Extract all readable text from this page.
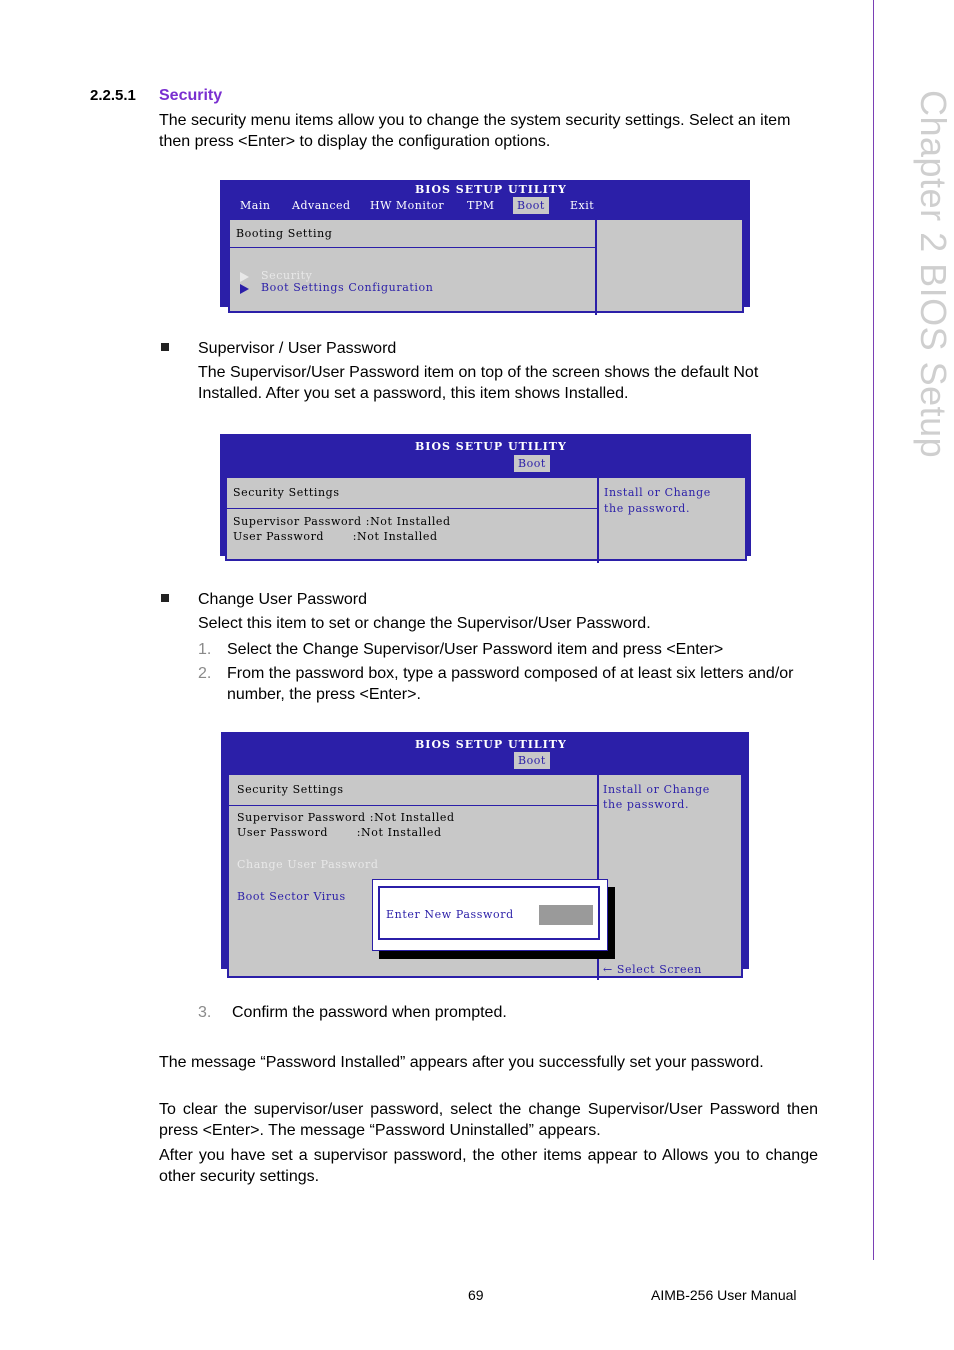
Chapter 2 BIOS Setup
2.2.5.1 Security
The security menu items allow you to change the system security settings. Select an item then press <Enter> to display the configuration options.
BIOS SETUP UTILITY
Main Advanced HW Monitor TPM	Boot	Exit
Booting Setting
Security
Boot Settings Configuration
Supervisor / User Password
The Supervisor/User Password item on top of the screen shows the default Not Installed. After you set a password, this item shows Installed.
BIOS SETUP UTILITY
Boot
Security Settings
Supervisor Password :Not Installed
User Password       :Not Installed
Install or Change
the password.
Change User Password
Select this item to set or change the Supervisor/User Password.
1. Select the Change Supervisor/User Password item and press <Enter>
2. From the password box, type a password composed of at least six letters and/or number, the press <Enter>.
BIOS SETUP UTILITY
Boot
Security Settings
Supervisor Password :Not Installed
User Password       :Not Installed
Change User Password
Boot Sector Virus
Install or Change
the password.
← Select Screen
Enter New Password
3. Confirm the password when prompted.
The message “Password Installed” appears after you successfully set your password.
To clear the supervisor/user password, select the change Supervisor/User Password then press <Enter>. The message “Password Uninstalled” appears.
After you have set a supervisor password, the other items appear to Allows you to change other security settings.
69	AIMB-256 User Manual
